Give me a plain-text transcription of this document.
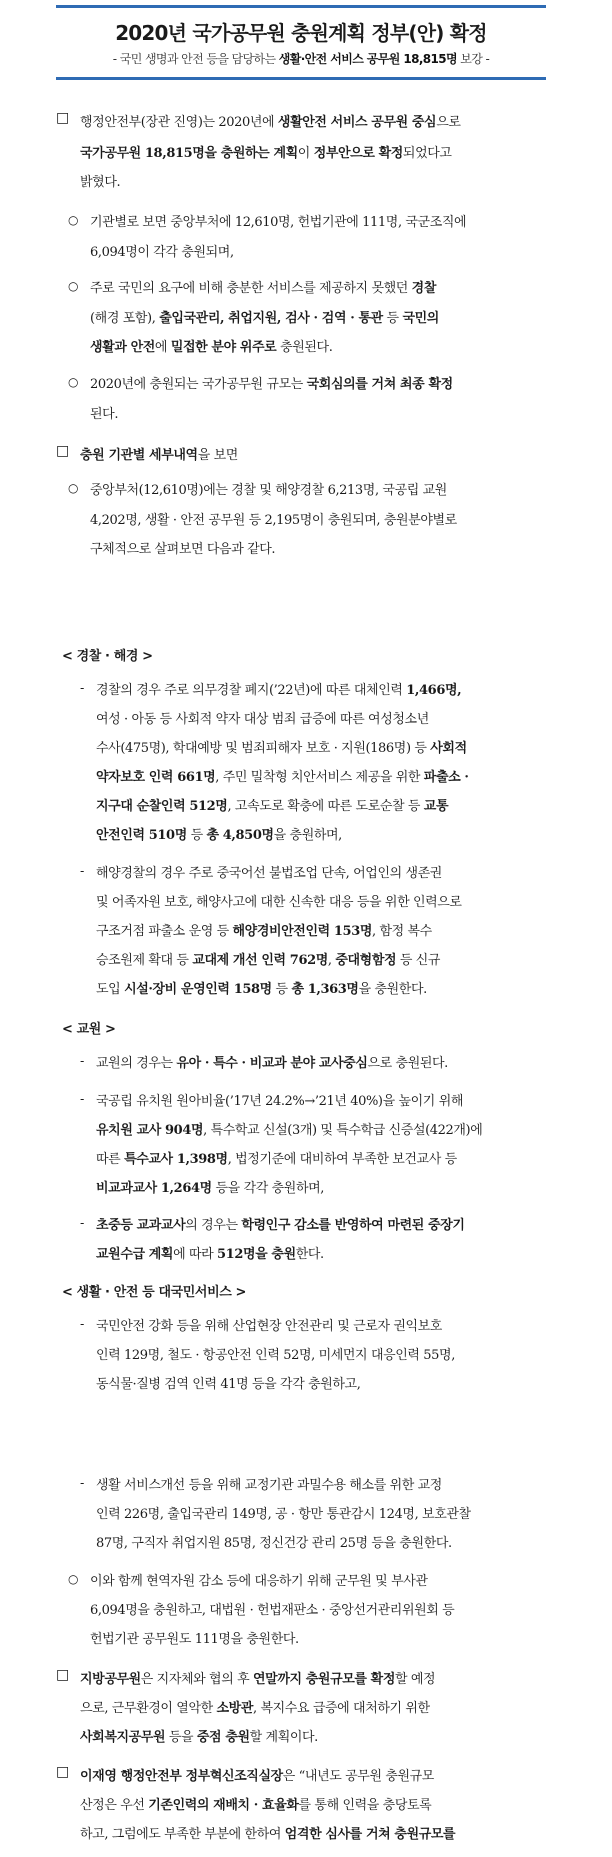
2020년 국가공무원 충원계획 정부(안) 확정
- 국민 생명과 안전 등을 담당하는 생활·안전 서비스 공무원 18,815명 보강 -
□ 행정안전부(장관 진영)는 2020년에 생활안전 서비스 공무원 중심으로
국가공무원 18,815명을 충원하는 계획이 정부안으로 확정되었다고
밝혔다.
○ 기관별로 보면 중앙부처에 12,610명, 헌법기관에 111명, 국군조직에
6,094명이 각각 충원되며,
○ 주로 국민의 요구에 비해 충분한 서비스를 제공하지 못했던 경찰
(해경 포함), 출입국관리, 취업지원, 검사 · 검역 · 통관 등 국민의
생활과 안전에 밀접한 분야 위주로 충원된다.
○ 2020년에 충원되는 국가공무원 규모는 국회심의를 거쳐 최종 확정
된다.
□ 충원 기관별 세부내역을 보면
○ 중앙부처(12,610명)에는 경찰 및 해양경찰 6,213명, 국공립 교원
4,202명, 생활 · 안전 공무원 등 2,195명이 충원되며, 충원분야별로
구체적으로 살펴보면 다음과 같다.
< 경찰 · 해경 >
- 경찰의 경우 주로 의무경찰 폐지(’22년)에 따른 대체인력 1,466명,
여성 · 아동 등 사회적 약자 대상 범죄 급증에 따른 여성청소년
수사(475명), 학대예방 및 범죄피해자 보호 · 지원(186명) 등 사회적
약자보호 인력 661명, 주민 밀착형 치안서비스 제공을 위한 파출소 ·
지구대 순찰인력 512명, 고속도로 확충에 따른 도로순찰 등 교통
안전인력 510명 등 총 4,850명을 충원하며,
- 해양경찰의 경우 주로 중국어선 불법조업 단속, 어업인의 생존권
및 어족자원 보호, 해양사고에 대한 신속한 대응 등을 위한 인력으로
구조거점 파출소 운영 등 해양경비안전인력 153명, 함정 복수
승조원제 확대 등 교대제 개선 인력 762명, 중대형함정 등 신규
도입 시설·장비 운영인력 158명 등 총 1,363명을 충원한다.
< 교원 >
- 교원의 경우는 유아 · 특수 · 비교과 분야 교사중심으로 충원된다.
- 국공립 유치원 원아비율(’17년 24.2%→’21년 40%)을 높이기 위해
유치원 교사 904명, 특수학교 신설(3개) 및 특수학급 신증설(422개)에
따른 특수교사 1,398명, 법정기준에 대비하여 부족한 보건교사 등
비교과교사 1,264명 등을 각각 충원하며,
- 초중등 교과교사의 경우는 학령인구 감소를 반영하여 마련된 중장기
교원수급 계획에 따라 512명을 충원한다.
< 생활 · 안전 등 대국민서비스 >
- 국민안전 강화 등을 위해 산업현장 안전관리 및 근로자 권익보호
인력 129명, 철도 · 항공안전 인력 52명, 미세먼지 대응인력 55명,
동식물·질병 검역 인력 41명 등을 각각 충원하고,
- 생활 서비스개선 등을 위해 교정기관 과밀수용 해소를 위한 교정
인력 226명, 출입국관리 149명, 공 · 항만 통관감시 124명, 보호관찰
87명, 구직자 취업지원 85명, 정신건강 관리 25명 등을 충원한다.
○ 이와 함께 현역자원 감소 등에 대응하기 위해 군무원 및 부사관
6,094명을 충원하고, 대법원 · 헌법재판소 · 중앙선거관리위원회 등
헌법기관 공무원도 111명을 충원한다.
□ 지방공무원은 지자체와 협의 후 연말까지 충원규모를 확정할 예정
으로, 근무환경이 열악한 소방관, 복지수요 급증에 대처하기 위한
사회복지공무원 등을 중점 충원할 계획이다.
□ 이재영 행정안전부 정부혁신조직실장은 “내년도 공무원 충원규모
산정은 우선 기존인력의 재배치 · 효율화를 통해 인력을 충당토록
하고, 그럼에도 부족한 부분에 한하여 엄격한 심사를 거쳐 충원규모를
